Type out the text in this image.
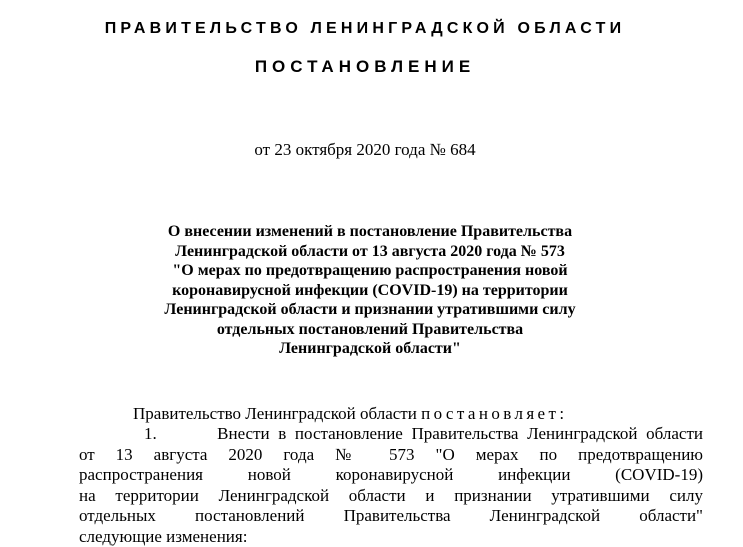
ПРАВИТЕЛЬСТВО ЛЕНИНГРАДСКОЙ ОБЛАСТИ
ПОСТАНОВЛЕНИЕ
от 23 октября 2020 года № 684
О внесении изменений в постановление Правительства
Ленинградской области от 13 августа 2020 года № 573
"О мерах по предотвращению распространения новой
коронавирусной инфекции (COVID-19) на территории
Ленинградской области и признании утратившими силу
отдельных постановлений Правительства
Ленинградской области"
Правительство Ленинградской области постановляет:
1.	Внести в постановление Правительства Ленинградской области
от 13 августа 2020 года № 573 "О мерах по предотвращению
распространения новой коронавирусной инфекции (COVID-19)
на территории Ленинградской области и признании утратившими силу
отдельных постановлений Правительства Ленинградской области"
следующие изменения:
